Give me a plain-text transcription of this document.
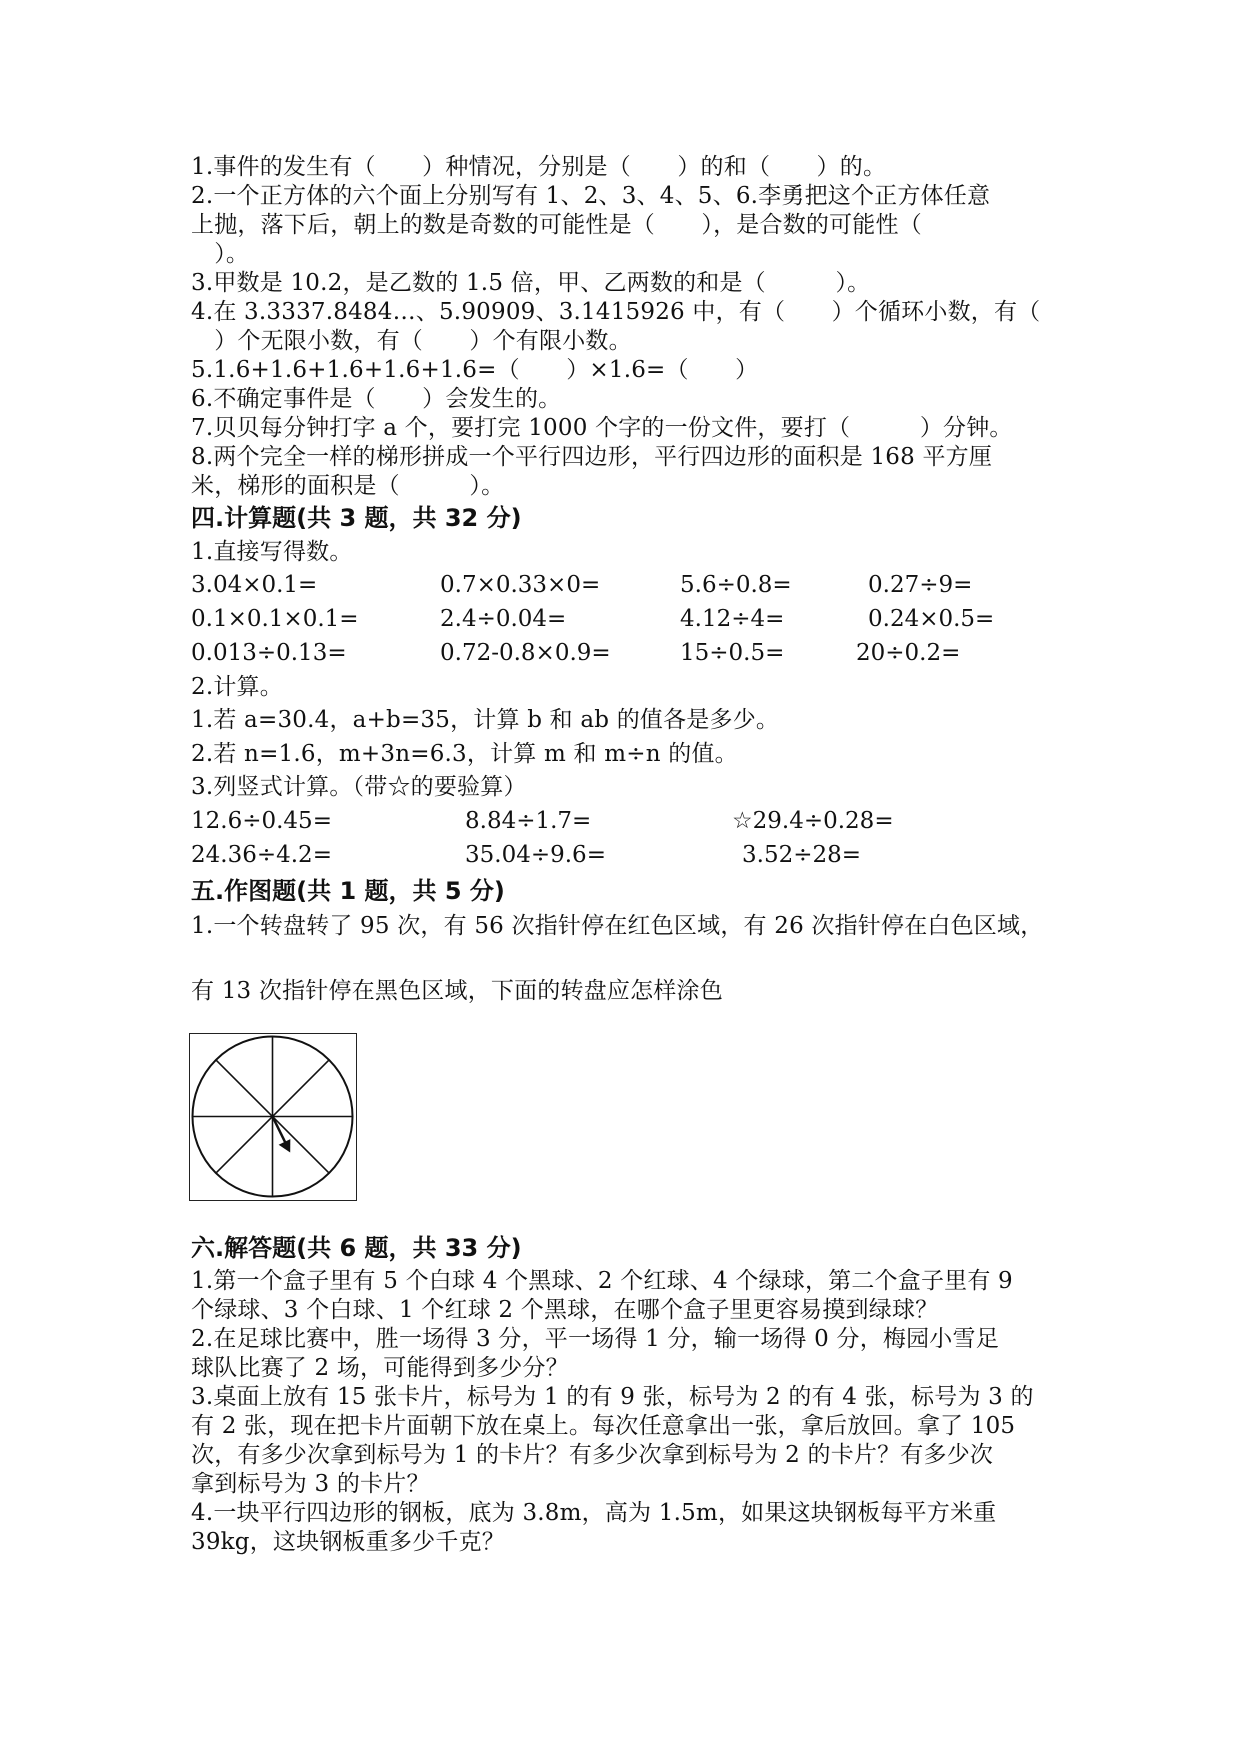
1.事件的发生有（　　）种情况，分别是（　　）的和（　　）的。
2.一个正方体的六个面上分别写有 1、2、3、4、5、6.李勇把这个正方体任意
上抛，落下后，朝上的数是奇数的可能性是（　　），是合数的可能性（
　）。
3.甲数是 10.2，是乙数的 1.5 倍，甲、乙两数的和是（　　　）。
4.在 3.3337.8484…、5.90909、3.1415926 中，有（　　）个循环小数，有（
　）个无限小数，有（　　）个有限小数。
5.1.6+1.6+1.6+1.6+1.6=（　　）×1.6=（　　）
6.不确定事件是（　　）会发生的。
7.贝贝每分钟打字 a 个，要打完 1000 个字的一份文件，要打（　　　）分钟。
8.两个完全一样的梯形拼成一个平行四边形，平行四边形的面积是 168 平方厘
米，梯形的面积是（　　　）。
四.计算题(共 3 题，共 32 分)
1.直接写得数。
3.04×0.1=	0.7×0.33×0=	5.6÷0.8=	0.27÷9=
0.1×0.1×0.1=	2.4÷0.04=	4.12÷4=	0.24×0.5=
0.013÷0.13=	0.72-0.8×0.9=	15÷0.5=	20÷0.2=
2.计算。
1.若 a=30.4，a+b=35，计算 b 和 ab 的值各是多少。
2.若 n=1.6，m+3n=6.3，计算 m 和 m÷n 的值。
3.列竖式计算。（带☆的要验算）
12.6÷0.45=	8.84÷1.7=	☆29.4÷0.28=
24.36÷4.2=	35.04÷9.6=	3.52÷28=
五.作图题(共 1 题，共 5 分)
1.一个转盘转了 95 次，有 56 次指针停在红色区域，有 26 次指针停在白色区域，
有 13 次指针停在黑色区域，下面的转盘应怎样涂色
六.解答题(共 6 题，共 33 分)
1.第一个盒子里有 5 个白球 4 个黑球、2 个红球、4 个绿球，第二个盒子里有 9
个绿球、3 个白球、1 个红球 2 个黑球，在哪个盒子里更容易摸到绿球？
2.在足球比赛中，胜一场得 3 分，平一场得 1 分，输一场得 0 分，梅园小雪足
球队比赛了 2 场，可能得到多少分？
3.桌面上放有 15 张卡片，标号为 1 的有 9 张，标号为 2 的有 4 张，标号为 3 的
有 2 张，现在把卡片面朝下放在桌上。每次任意拿出一张，拿后放回。拿了 105
次，有多少次拿到标号为 1 的卡片？有多少次拿到标号为 2 的卡片？有多少次
拿到标号为 3 的卡片？
4.一块平行四边形的钢板，底为 3.8m，高为 1.5m，如果这块钢板每平方米重
39kg，这块钢板重多少千克？
